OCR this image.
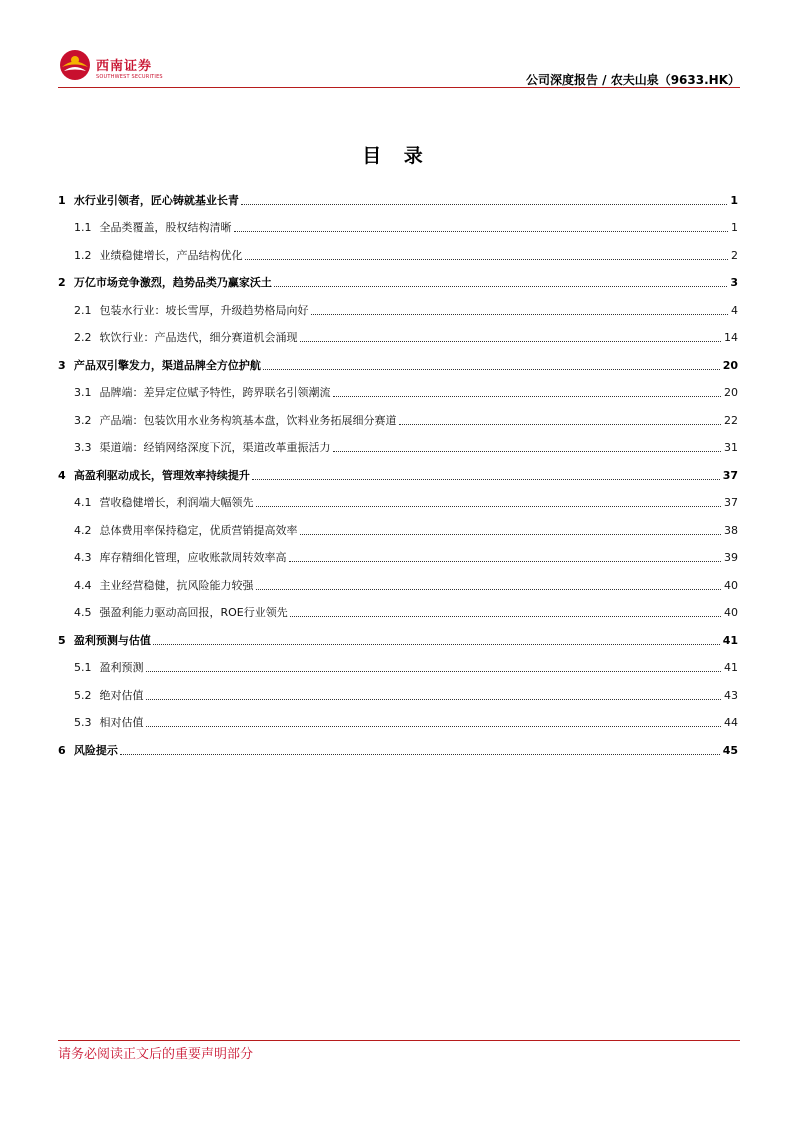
西南证券
SOUTHWEST SECURITIES	公司深度报告 / 农夫山泉（9633.HK）
目 录
1 水行业引领者，匠心铸就基业长青	1
1.1 全品类覆盖，股权结构清晰	1
1.2 业绩稳健增长，产品结构优化	2
2 万亿市场竞争激烈，趋势品类乃赢家沃土	3
2.1 包装水行业：坡长雪厚，升级趋势格局向好	4
2.2 软饮行业：产品迭代，细分赛道机会涌现	14
3 产品双引擎发力，渠道品牌全方位护航	20
3.1 品牌端：差异定位赋予特性，跨界联名引领潮流	20
3.2 产品端：包装饮用水业务构筑基本盘，饮料业务拓展细分赛道	22
3.3 渠道端：经销网络深度下沉，渠道改革重振活力	31
4 高盈利驱动成长，管理效率持续提升	37
4.1 营收稳健增长，利润端大幅领先	37
4.2 总体费用率保持稳定，优质营销提高效率	38
4.3 库存精细化管理，应收账款周转效率高	39
4.4 主业经营稳健，抗风险能力较强	40
4.5 强盈利能力驱动高回报，ROE行业领先	40
5 盈利预测与估值	41
5.1 盈利预测	41
5.2 绝对估值	43
5.3 相对估值	44
6 风险提示	45
请务必阅读正文后的重要声明部分
